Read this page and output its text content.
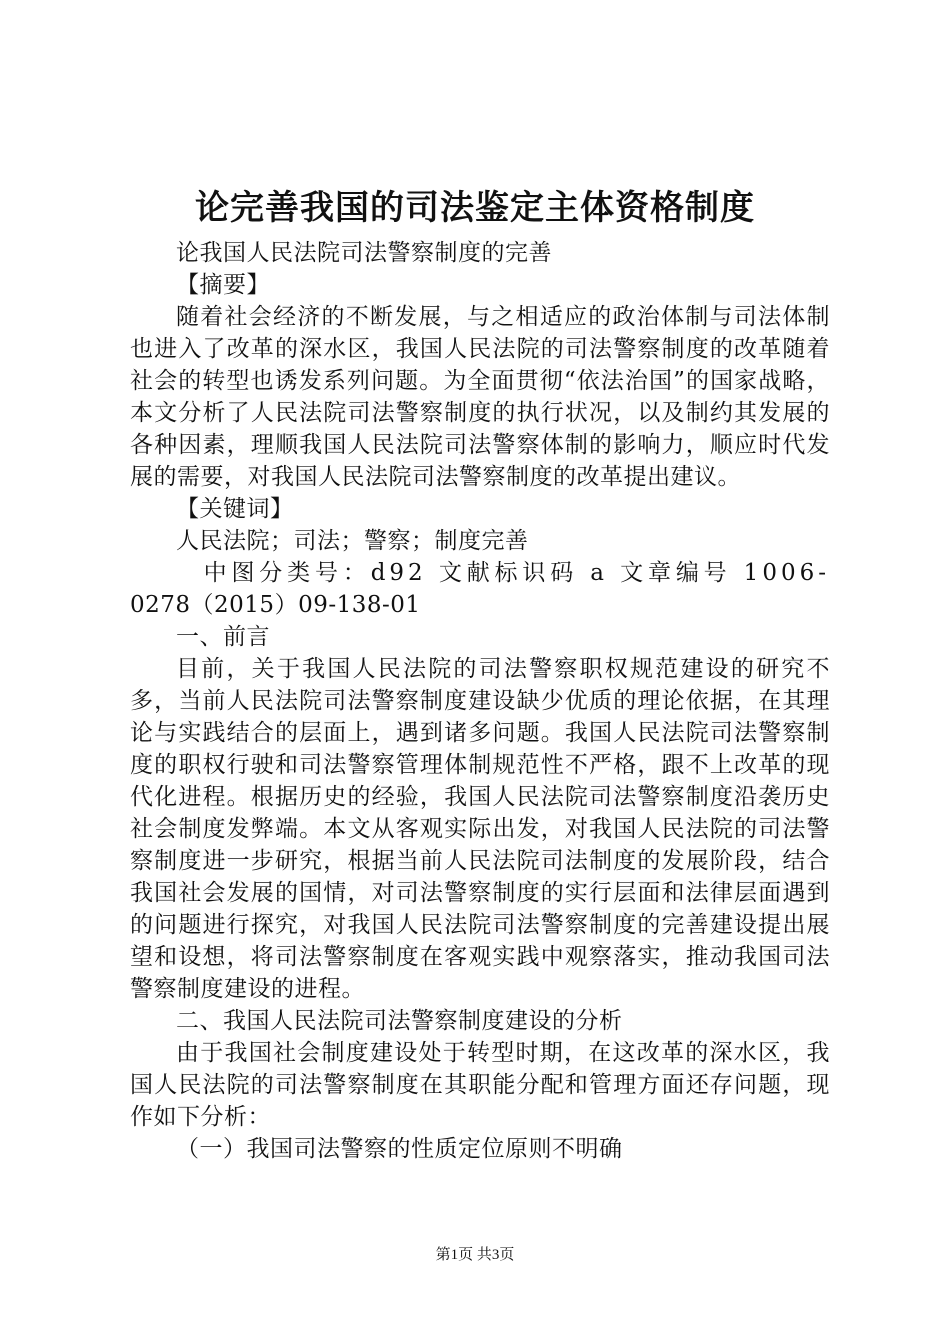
论完善我国的司法鉴定主体资格制度

论我国人民法院司法警察制度的完善

【摘要】

随着社会经济的不断发展，与之相适应的政治体制与司法体制也进入了改革的深水区，我国人民法院的司法警察制度的改革随着社会的转型也诱发系列问题。为全面贯彻“依法治国”的国家战略，本文分析了人民法院司法警察制度的执行状况，以及制约其发展的各种因素，理顺我国人民法院司法警察体制的影响力，顺应时代发展的需要，对我国人民法院司法警察制度的改革提出建议。

【关键词】

人民法院；司法；警察；制度完善

中图分类号：d92 文献标识码 a 文章编号 1006-

0278（2015）09-138-01

一、前言

目前，关于我国人民法院的司法警察职权规范建设的研究不多，当前人民法院司法警察制度建设缺少优质的理论依据，在其理论与实践结合的层面上，遇到诸多问题。我国人民法院司法警察制度的职权行驶和司法警察管理体制规范性不严格，跟不上改革的现代化进程。根据历史的经验，我国人民法院司法警察制度沿袭历史社会制度发弊端。本文从客观实际出发，对我国人民法院的司法警察制度进一步研究，根据当前人民法院司法制度的发展阶段，结合我国社会发展的国情，对司法警察制度的实行层面和法律层面遇到的问题进行探究，对我国人民法院司法警察制度的完善建设提出展望和设想，将司法警察制度在客观实践中观察落实，推动我国司法警察制度建设的进程。

二、我国人民法院司法警察制度建设的分析

由于我国社会制度建设处于转型时期，在这改革的深水区，我国人民法院的司法警察制度在其职能分配和管理方面还存问题，现作如下分析：

（一）我国司法警察的性质定位原则不明确

第1页 共3页
